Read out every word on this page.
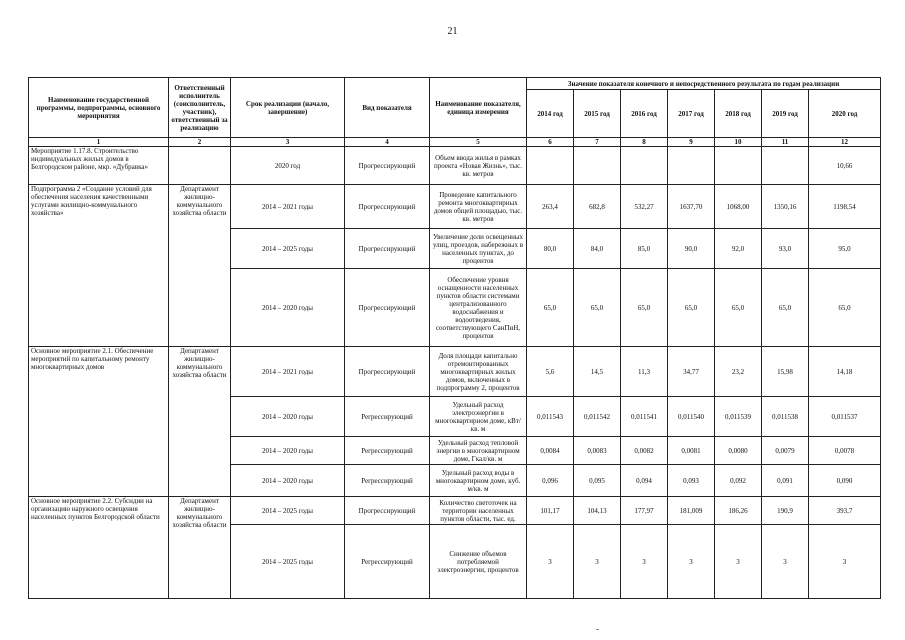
21
Наименование государственной программы, подпрограммы, основного мероприятия	Ответственный исполнитель (соисполнитель, участник), ответственный за реализацию	Срок реализации (начало, завершение)	Вид показателя	Наименование показателя, единица измерения	Значение показателя конечного и непосредственного результата по годам реализации						
					2014 год	2015 год	2016 год	2017 год	2018 год	2019 год	2020 год
1	2	3	4	5	6	7	8	9	10	11	12
Мероприятие 1.17.8. Строительство индивидуальных жилых домов в Белгородском районе, мкр. «Дубравка»		2020 год	Прогрессирующий	Объем ввода жилья в рамках проекта «Новая Жизнь», тыс. кв. метров							10,66
Подпрограмма 2 «Создание условий для обеспечения населения качественными услугами жилищно-коммунального хозяйства»	Департамент жилищно-коммунального хозяйства области	2014 – 2021 годы	Прогрессирующий	Проведение капитального ремонта многоквартирных домов общей площадью, тыс. кв. метров	263,4	682,8	532,27	1637,70	1068,00	1350,16	1198,54
		2014 – 2025 годы	Прогрессирующий	Увеличение доли освещенных улиц, проездов, набережных в населенных пунктах, до процентов	80,0	84,0	85,0	90,0	92,0	93,0	95,0
		2014 – 2020 годы	Прогрессирующий	Обеспечение уровня оснащенности населенных пунктов области системами централизованного водоснабжения и водоотведения, соответствующего СанПиН, процентов	65,0	65,0	65,0	65,0	65,0	65,0	65,0
Основное мероприятие 2.1. Обеспечение мероприятий по капитальному ремонту многоквартирных домов	Департамент жилищно-коммунального хозяйства области	2014 – 2021 годы	Прогрессирующий	Доля площади капитально отремонтированных многоквартирных жилых домов, включенных в подпрограмму 2, процентов	5,6	14,5	11,3	34,77	23,2	15,98	14,18
		2014 – 2020 годы	Регрессирующий	Удельный расход электроэнергии в многоквартирном доме, кВт/кв. м	0,011543	0,011542	0,011541	0,011540	0,011539	0,011538	0,011537
		2014 – 2020 годы	Регрессирующий	Удельный расход тепловой энергии в многоквартирном доме, Гкал/кв. м	0,0084	0,0083	0,0082	0,0081	0,0080	0,0079	0,0078
		2014 – 2020 годы	Регрессирующий	Удельный расход воды в многоквартирном доме, куб. м/кв. м	0,096	0,095	0,094	0,093	0,092	0,091	0,090
Основное мероприятие 2.2. Субсидии на организацию наружного освещения населенных пунктов Белгородской области	Департамент жилищно-коммунального хозяйства области	2014 – 2025 годы	Прогрессирующий	Количество светоточек на территории населенных пунктов области, тыс. ед.	101,17	104,13	177,97	181,009	186,26	190,9	393,7
		2014 – 2025 годы	Регрессирующий	Снижение объемов потребляемой электроэнергии, процентов	3	3	3	3	3	3	3
